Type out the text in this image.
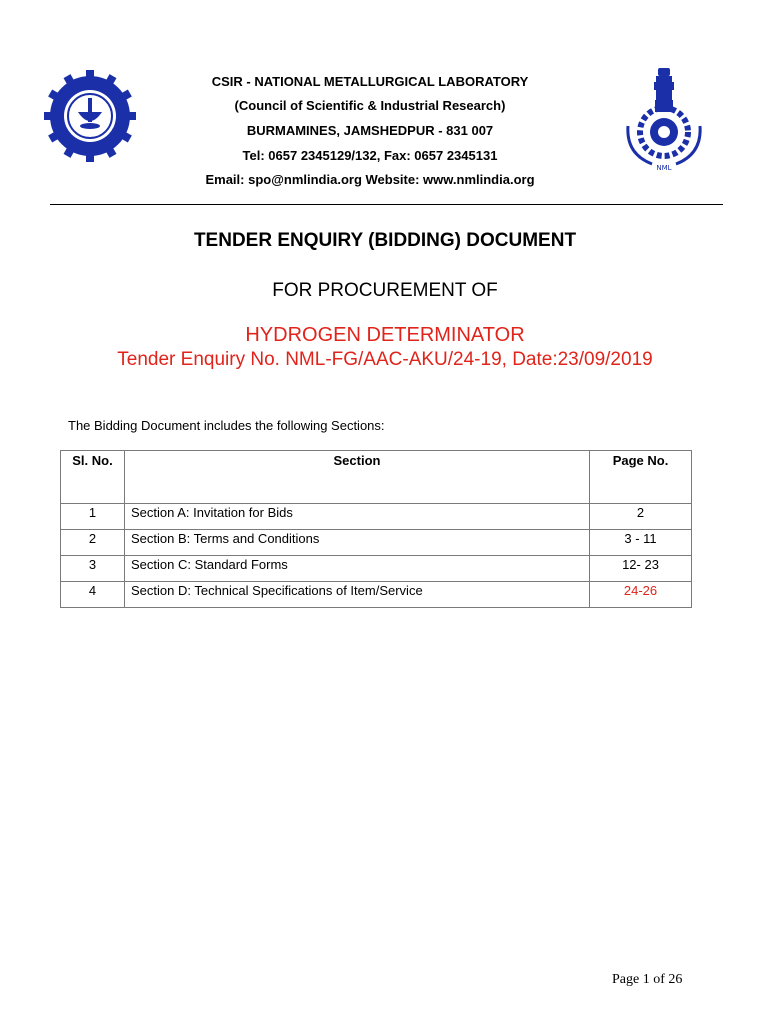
NML
CSIR - NATIONAL METALLURGICAL LABORATORY
(Council of Scientific & Industrial Research)
BURMAMINES, JAMSHEDPUR - 831 007
Tel: 0657 2345129/132, Fax: 0657 2345131
Email: spo@nmlindia.org Website: www.nmlindia.org
TENDER ENQUIRY (BIDDING) DOCUMENT
FOR PROCUREMENT OF
HYDROGEN DETERMINATOR
Tender Enquiry No. NML-FG/AAC-AKU/24-19, Date:23/09/2019
The Bidding Document includes the following Sections:
Sl. No.	Section	Page No.
1	Section A: Invitation for Bids	2
2	Section B: Terms and Conditions	3 - 11
3	Section C: Standard Forms	12- 23
4	Section D: Technical Specifications of Item/Service	24-26
Page 1 of 26
